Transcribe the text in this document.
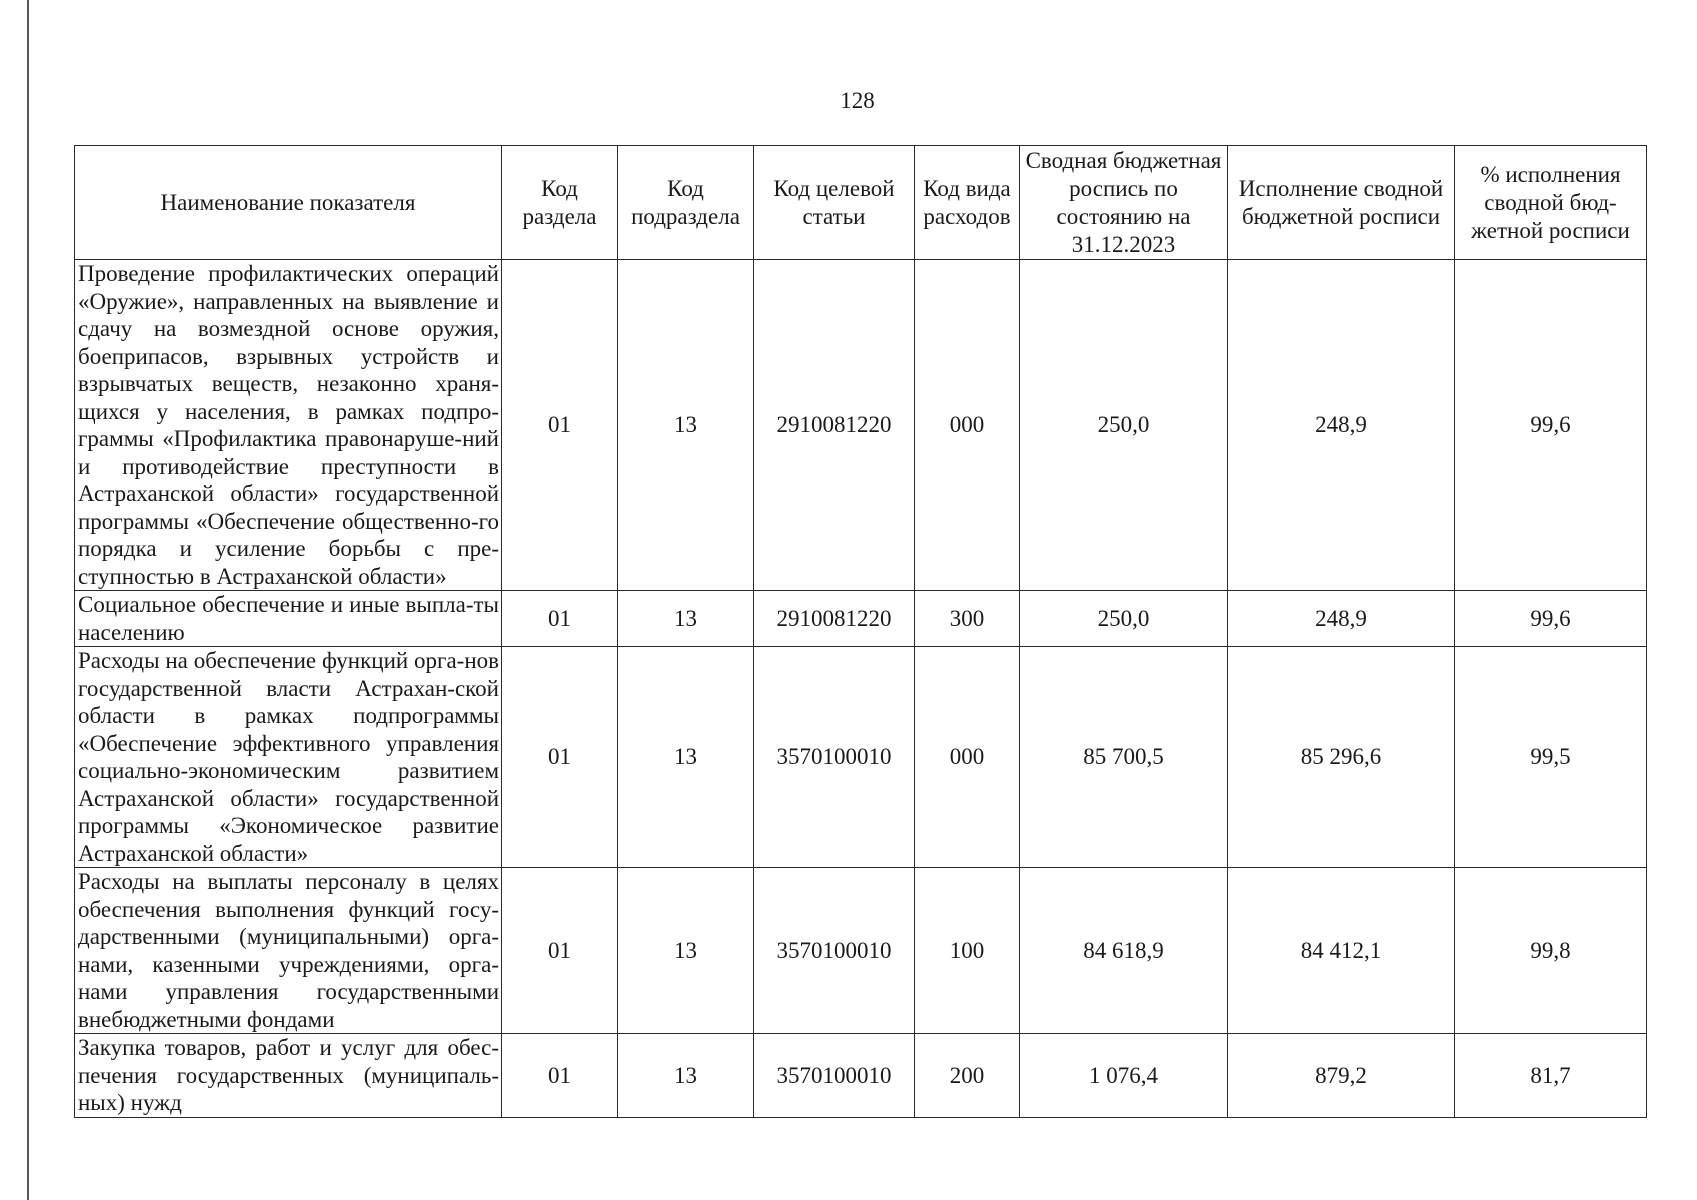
128
Наименование показателя	Код раздела	Код подраздела	Код целевой статьи	Код вида расходов	Сводная бюджетная роспись по состоянию на 31.12.2023	Исполнение сводной бюджетной росписи	% исполнения сводной бюд-жетной росписи
Проведение профилактических операций «Оружие», направленных на выявление и сдачу на возмездной основе оружия, боеприпасов, взрывных устройств и взрывчатых веществ, незаконно храня-щихся у населения, в рамках подпро-граммы «Профилактика правонаруше-ний и противодействие преступности в Астраханской области» государственной программы «Обеспечение общественно-го порядка и усиление борьбы с пре-ступностью в Астраханской области»	01	13	2910081220	000	250,0	248,9	99,6
Социальное обеспечение и иные выпла-ты населению	01	13	2910081220	300	250,0	248,9	99,6
Расходы на обеспечение функций орга-нов государственной власти Астрахан-ской области в рамках подпрограммы «Обеспечение эффективного управления социально-экономическим развитием Астраханской области» государственной программы «Экономическое развитие Астраханской области»	01	13	3570100010	000	85 700,5	85 296,6	99,5
Расходы на выплаты персоналу в целях обеспечения выполнения функций госу-дарственными (муниципальными) орга-нами, казенными учреждениями, орга-нами управления государственными внебюджетными фондами	01	13	3570100010	100	84 618,9	84 412,1	99,8
Закупка товаров, работ и услуг для обес-печения государственных (муниципаль-ных) нужд	01	13	3570100010	200	1 076,4	879,2	81,7
